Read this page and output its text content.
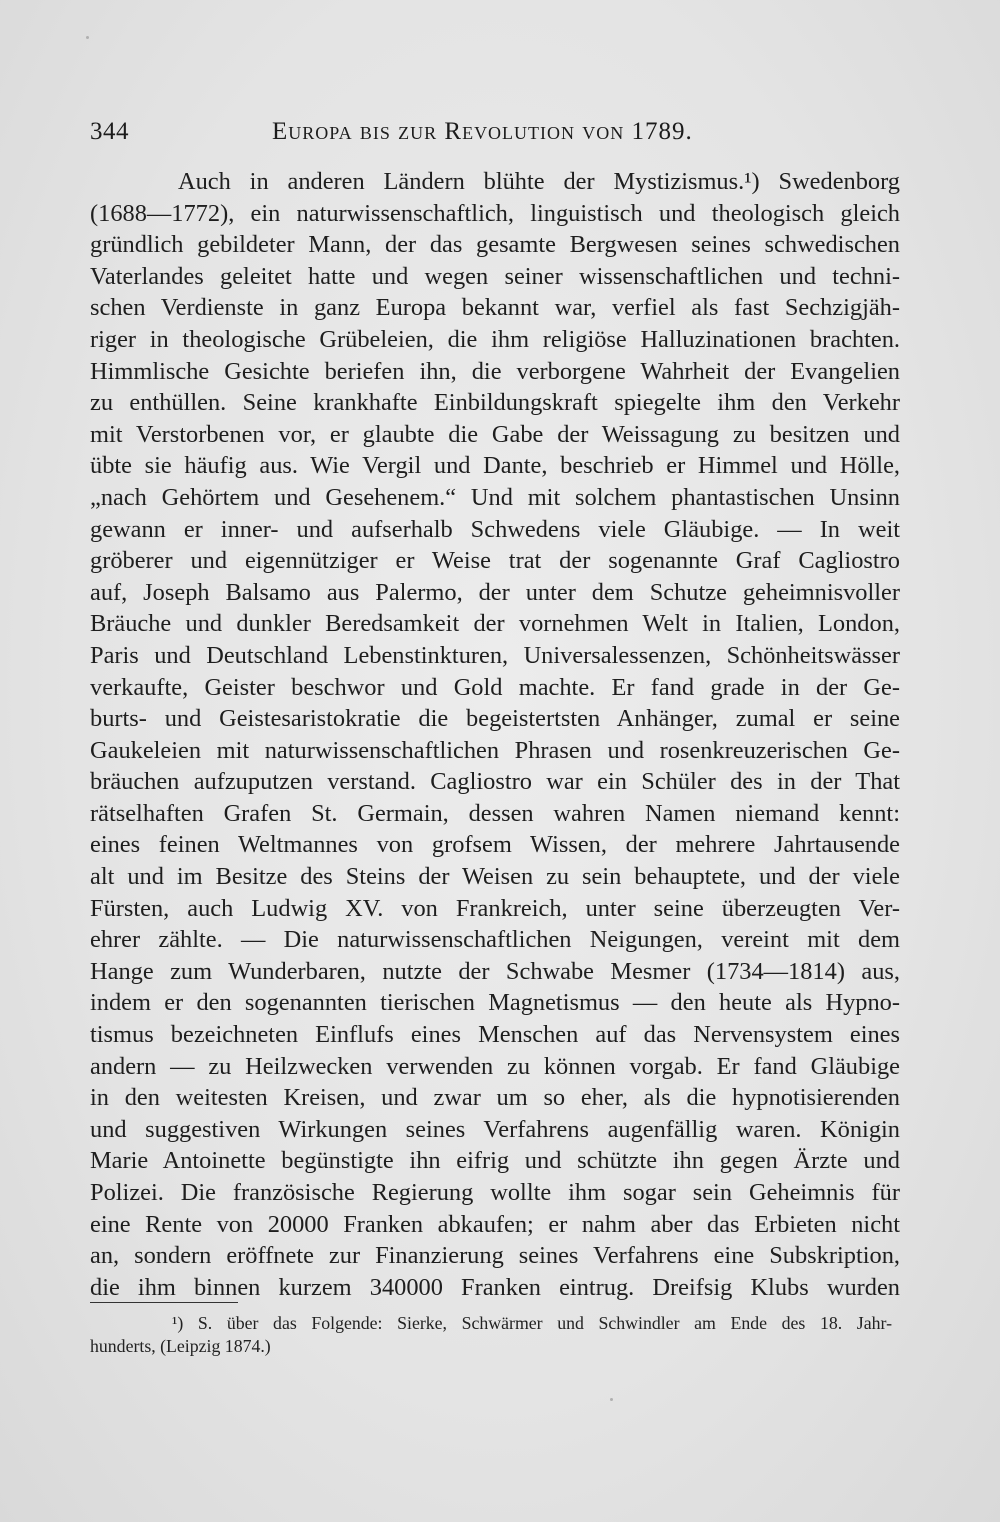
344	Europa bis zur Revolution von 1789.
Auch in anderen Ländern blühte der Mystizismus.¹) Swedenborg
(1688—1772), ein naturwissenschaftlich, linguistisch und theologisch gleich
gründlich gebildeter Mann, der das gesamte Bergwesen seines schwedischen
Vaterlandes geleitet hatte und wegen seiner wissenschaftlichen und techni-
schen Verdienste in ganz Europa bekannt war, verfiel als fast Sechzigjäh-
riger in theologische Grübeleien, die ihm religiöse Halluzinationen brachten.
Himmlische Gesichte beriefen ihn, die verborgene Wahrheit der Evangelien
zu enthüllen. Seine krankhafte Einbildungskraft spiegelte ihm den Verkehr
mit Verstorbenen vor, er glaubte die Gabe der Weissagung zu besitzen und
übte sie häufig aus. Wie Vergil und Dante, beschrieb er Himmel und Hölle,
„nach Gehörtem und Gesehenem.“ Und mit solchem phantastischen Unsinn
gewann er inner- und aufserhalb Schwedens viele Gläubige. — In weit
gröberer und eigennütziger er Weise trat der sogenannte Graf Cagliostro
auf, Joseph Balsamo aus Palermo, der unter dem Schutze geheimnisvoller
Bräuche und dunkler Beredsamkeit der vornehmen Welt in Italien, London,
Paris und Deutschland Lebenstinkturen, Universalessenzen, Schönheitswässer
verkaufte, Geister beschwor und Gold machte. Er fand grade in der Ge-
burts- und Geistesaristokratie die begeistertsten Anhänger, zumal er seine
Gaukeleien mit naturwissenschaftlichen Phrasen und rosenkreuzerischen Ge-
bräuchen aufzuputzen verstand. Cagliostro war ein Schüler des in der That
rätselhaften Grafen St. Germain, dessen wahren Namen niemand kennt:
eines feinen Weltmannes von grofsem Wissen, der mehrere Jahrtausende
alt und im Besitze des Steins der Weisen zu sein behauptete, und der viele
Fürsten, auch Ludwig XV. von Frankreich, unter seine überzeugten Ver-
ehrer zählte. — Die naturwissenschaftlichen Neigungen, vereint mit dem
Hange zum Wunderbaren, nutzte der Schwabe Mesmer (1734—1814) aus,
indem er den sogenannten tierischen Magnetismus — den heute als Hypno-
tismus bezeichneten Einflufs eines Menschen auf das Nervensystem eines
andern — zu Heilzwecken verwenden zu können vorgab. Er fand Gläubige
in den weitesten Kreisen, und zwar um so eher, als die hypnotisierenden
und suggestiven Wirkungen seines Verfahrens augenfällig waren. Königin
Marie Antoinette begünstigte ihn eifrig und schützte ihn gegen Ärzte und
Polizei. Die französische Regierung wollte ihm sogar sein Geheimnis für
eine Rente von 20000 Franken abkaufen; er nahm aber das Erbieten nicht
an, sondern eröffnete zur Finanzierung seines Verfahrens eine Subskription,
die ihm binnen kurzem 340000 Franken eintrug. Dreifsig Klubs wurden
¹) S. über das Folgende: Sierke, Schwärmer und Schwindler am Ende des 18. Jahr-
hunderts, (Leipzig 1874.)
